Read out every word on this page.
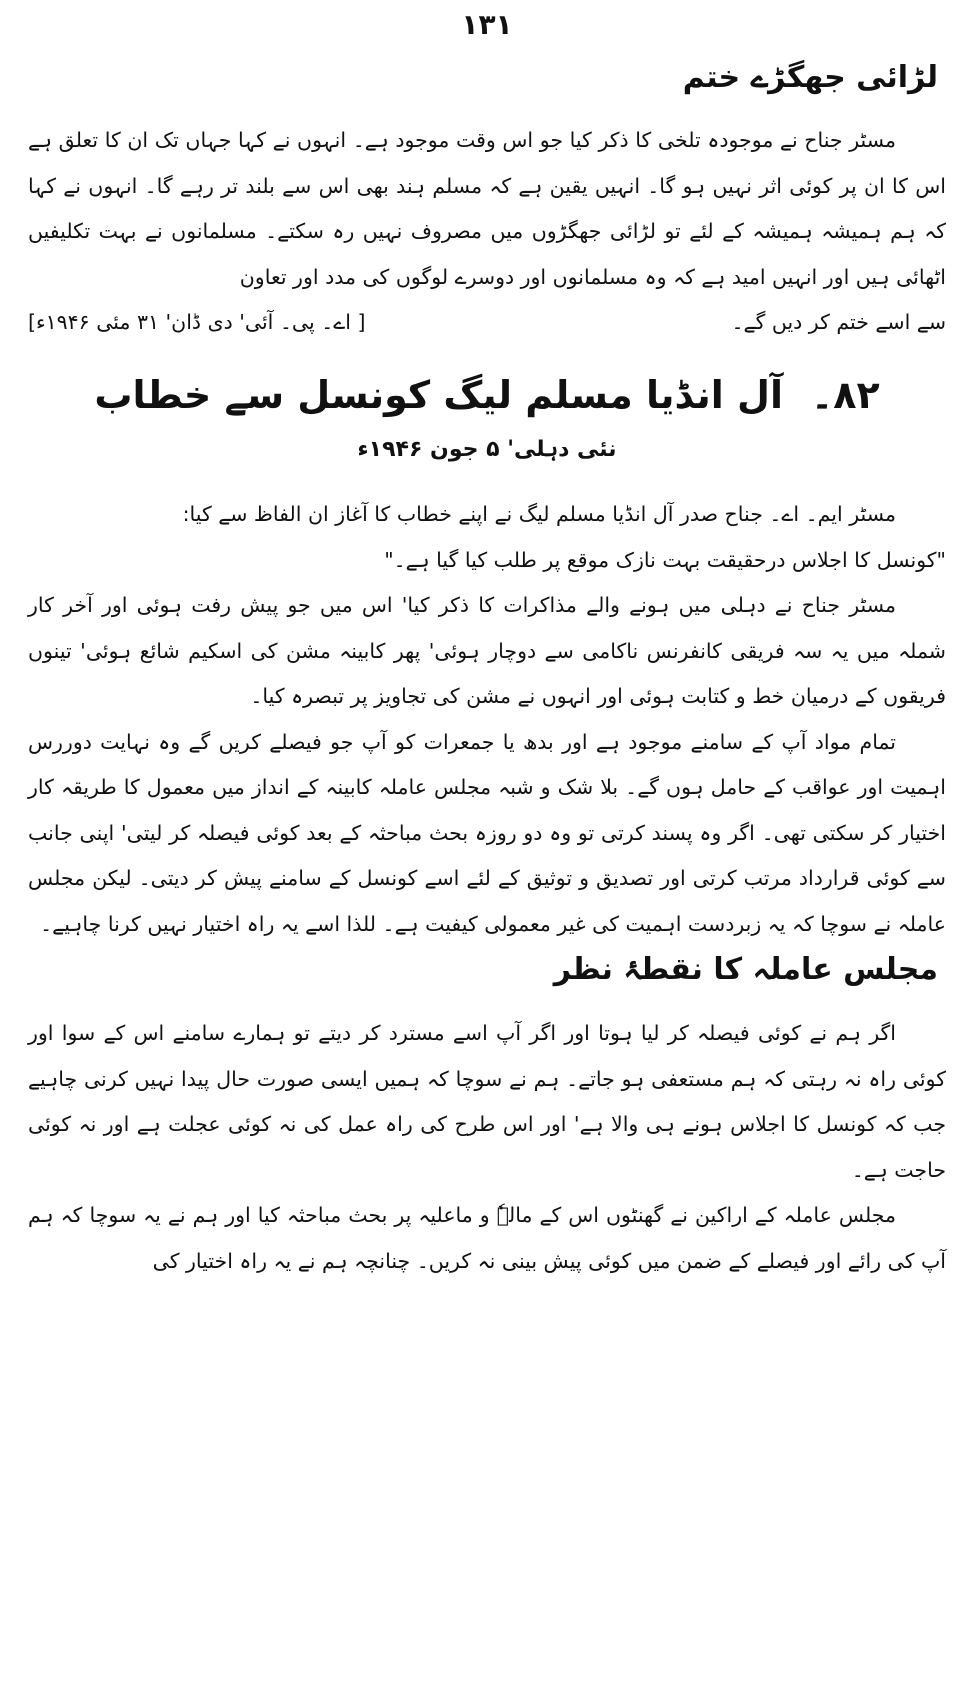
۱۳۱
لڑائی جھگڑے ختم

مسٹر جناح نے موجودہ تلخی کا ذکر کیا جو اس وقت موجود ہے۔ انہوں نے کہا جہاں تک ان کا تعلق ہے اس کا ان پر کوئی اثر نہیں ہو گا۔ انہیں یقین ہے کہ مسلم ہند بھی اس سے بلند تر رہے گا۔ انہوں نے کہا کہ ہم ہمیشہ ہمیشہ کے لئے تو لڑائی جھگڑوں میں مصروف نہیں رہ سکتے۔ مسلمانوں نے بہت تکلیفیں اٹھائی ہیں اور انہیں امید ہے کہ وہ مسلمانوں اور دوسرے لوگوں کی مدد اور تعاون

سے اسے ختم کر دیں گے۔
[ اے۔ پی۔ آئی' دی ڈان' ۳۱ مئی ۱۹۴۶ء]
۸۲۔آل انڈیا مسلم لیگ کونسل سے خطاب
نئی دہلی' ۵ جون ۱۹۴۶ء

مسٹر ایم۔ اے۔ جناح صدر آل انڈیا مسلم لیگ نے اپنے خطاب کا آغاز ان الفاظ سے کیا:

"کونسل کا اجلاس درحقیقت بہت نازک موقع پر طلب کیا گیا ہے۔"

مسٹر جناح نے دہلی میں ہونے والے مذاکرات کا ذکر کیا' اس میں جو پیش رفت ہوئی اور آخر کار شملہ میں یہ سہ فریقی کانفرنس ناکامی سے دوچار ہوئی' پھر کابینہ مشن کی اسکیم شائع ہوئی' تینوں فریقوں کے درمیان خط و کتابت ہوئی اور انہوں نے مشن کی تجاویز پر تبصرہ کیا۔

تمام مواد آپ کے سامنے موجود ہے اور بدھ یا جمعرات کو آپ جو فیصلے کریں گے وہ نہایت دوررس اہمیت اور عواقب کے حامل ہوں گے۔ بلا شک و شبہ مجلس عاملہ کابینہ کے انداز میں معمول کا طریقہ کار اختیار کر سکتی تھی۔ اگر وہ پسند کرتی تو وہ دو روزہ بحث مباحثہ کے بعد کوئی فیصلہ کر لیتی' اپنی جانب سے کوئی قرارداد مرتب کرتی اور تصدیق و توثیق کے لئے اسے کونسل کے سامنے پیش کر دیتی۔ لیکن مجلس عاملہ نے سوچا کہ یہ زبردست اہمیت کی غیر معمولی کیفیت ہے۔ للذا اسے یہ راہ اختیار نہیں کرنا چاہیے۔

مجلس عاملہ کا نقطۂ نظر

اگر ہم نے کوئی فیصلہ کر لیا ہوتا اور اگر آپ اسے مسترد کر دیتے تو ہمارے سامنے اس کے سوا اور کوئی راہ نہ رہتی کہ ہم مستعفی ہو جاتے۔ ہم نے سوچا کہ ہمیں ایسی صورت حال پیدا نہیں کرنی چاہیے جب کہ کونسل کا اجلاس ہونے ہی والا ہے' اور اس طرح کی راہ عمل کی نہ کوئی عجلت ہے اور نہ کوئی حاجت ہے۔

مجلس عاملہ کے اراکین نے گھنٹوں اس کے مالہٗ و ماعلیہ پر بحث مباحثہ کیا اور ہم نے یہ سوچا کہ ہم آپ کی رائے اور فیصلے کے ضمن میں کوئی پیش بینی نہ کریں۔ چنانچہ ہم نے یہ راہ اختیار کی
